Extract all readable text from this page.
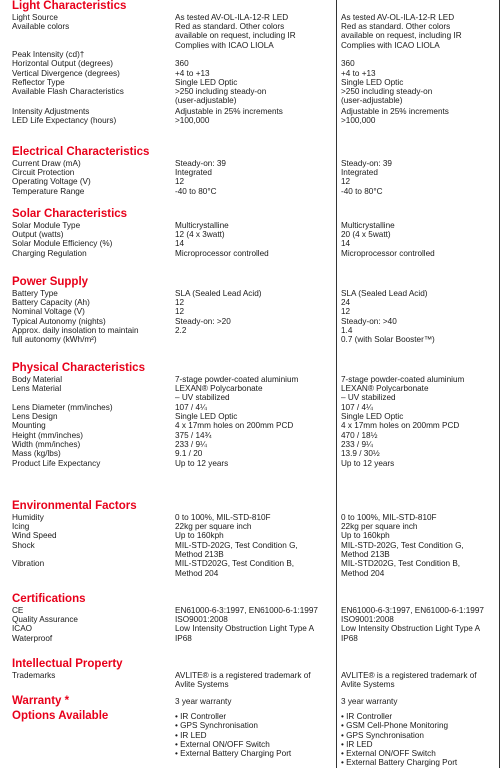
Light Characteristics
Light Source	As tested AV-OL-ILA-12-R LED	As tested AV-OL-ILA-12-R LED
Available colors	Red as standard. Other colors
available on request, including IR
Complies with ICAO LIOLA
Red as standard. Other colors
available on request, including IR
Complies with ICAO LIOLA
Peak Intensity (cd)†
Horizontal Output (degrees)	360	360
Vertical Divergence (degrees)	+4 to +13	+4 to +13
Reflector Type	Single LED Optic	Single LED Optic
Available Flash Characteristics	>250 including steady-on
(user-adjustable)
>250 including steady-on
(user-adjustable)
Intensity Adjustments	Adjustable in 25% increments	Adjustable in 25% increments
LED Life Expectancy (hours)	>100,000	>100,000
Electrical Characteristics
Current Draw (mA)	Steady-on: 39	Steady-on: 39
Circuit Protection	Integrated	Integrated
Operating Voltage (V)	12	12
Temperature Range	-40 to 80°C	-40 to 80°C
Solar Characteristics
Solar Module Type	Multicrystalline	Multicrystalline
Output (watts)	12 (4 x 3watt)	20 (4 x 5watt)
Solar Module Efficiency (%)	14	14
Charging Regulation	Microprocessor controlled	Microprocessor controlled
Power Supply
Battery Type	SLA (Sealed Lead Acid)	SLA (Sealed Lead Acid)
Battery Capacity (Ah)	12	24
Nominal Voltage (V)	12	12
Typical Autonomy (nights)	Steady-on: >20	Steady-on: >40
Approx. daily insolation to maintain
full autonomy (kWh/m²)
2.2	1.4
0.7 (with Solar Booster™)
Physical Characteristics
Body Material	7-stage powder-coated aluminium	7-stage powder-coated aluminium
Lens Material	LEXAN® Polycarbonate
– UV stabilized
LEXAN® Polycarbonate
– UV stabilized
Lens Diameter (mm/inches)	107 / 4¼	107 / 4¼
Lens Design	Single LED Optic	Single LED Optic
Mounting	4 x 17mm holes on 200mm PCD	4 x 17mm holes on 200mm PCD
Height (mm/inches)	375 / 14¾	470 / 18½
Width (mm/inches)	233 / 9¼	233 / 9¼
Mass (kg/lbs)	9.1 / 20	13.9 / 30½
Product Life Expectancy	Up to 12 years	Up to 12 years
Environmental Factors
Humidity	0 to 100%, MIL-STD-810F	0 to 100%, MIL-STD-810F
Icing	22kg per square inch	22kg per square inch
Wind Speed	Up to 160kph	Up to 160kph
Shock	MIL-STD-202G, Test Condition G,
Method 213B
MIL-STD-202G, Test Condition G,
Method 213B
Vibration	MIL-STD202G, Test Condition B,
Method 204
MIL-STD202G, Test Condition B,
Method 204
Certifications
CE	EN61000-6-3:1997, EN61000-6-1:1997	EN61000-6-3:1997, EN61000-6-1:1997
Quality Assurance	ISO9001:2008	ISO9001:2008
ICAO	Low Intensity Obstruction Light Type A	Low Intensity Obstruction Light Type A
Waterproof	IP68	IP68
Intellectual Property
Trademarks	AVLITE® is a registered trademark of
Avlite Systems
AVLITE® is a registered trademark of
Avlite Systems
Warranty *	3 year warranty	3 year warranty
Options Available
•	IR Controller
• GPS Synchronisation
• IR LED
• External ON/OFF Switch
• External Battery Charging Port
• IR Controller
• GSM Cell-Phone Monitoring
• GPS Synchronisation
• IR LED
• External ON/OFF Switch
• External Battery Charging Port
